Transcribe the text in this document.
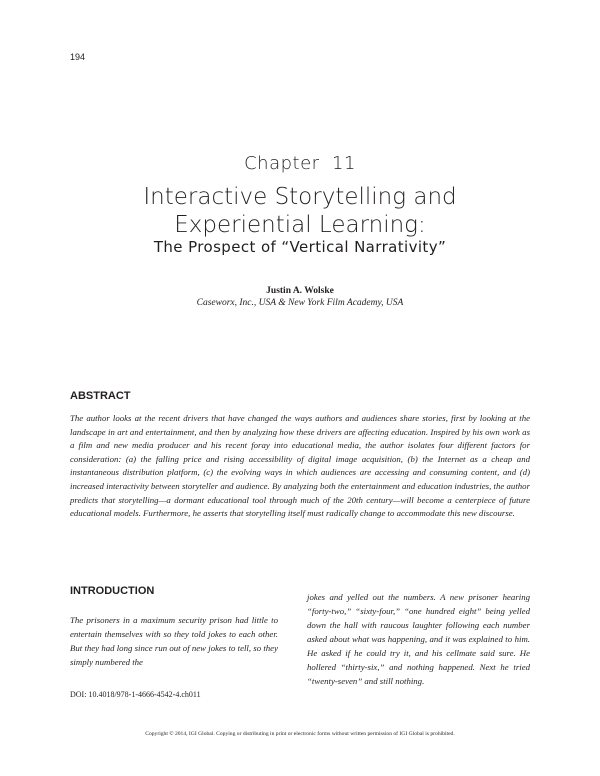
194
Chapter  11
Interactive Storytelling and
Experiential Learning:
The Prospect of “Vertical Narrativity”
Justin A. Wolske
Caseworx, Inc., USA & New York Film Academy, USA
ABSTRACT
The author looks at the recent drivers that have changed the ways authors and audiences share stories, first by looking at the landscape in art and entertainment, and then by analyzing how these drivers are affecting education. Inspired by his own work as a film and new media producer and his recent foray into educational media, the author isolates four different factors for consideration: (a) the falling price and rising accessibility of digital image acquisition, (b) the Internet as a cheap and instantaneous distribution platform, (c) the evolving ways in which audiences are accessing and consuming content, and (d) increased interactivity between storyteller and audience. By analyzing both the entertainment and education industries, the author predicts that storytelling—a dormant educational tool through much of the 20th century—will become a centerpiece of future educational models. Furthermore, he asserts that storytelling itself must radically change to accommodate this new discourse.
INTRODUCTION
The prisoners in a maximum security prison had little to entertain themselves with so they told jokes to each other. But they had long since run out of new jokes to tell, so they simply numbered the
jokes and yelled out the numbers. A new prisoner hearing “forty-two,” “sixty-four,” “one hundred eight” being yelled down the hall with raucous laughter following each number asked about what was happening, and it was explained to him. He asked if he could try it, and his cellmate said sure. He hollered “thirty-six,” and nothing happened. Next he tried “twenty-seven” and still nothing.
DOI: 10.4018/978-1-4666-4542-4.ch011
Copyright © 2014, IGI Global. Copying or distributing in print or electronic forms without written permission of IGI Global is prohibited.
